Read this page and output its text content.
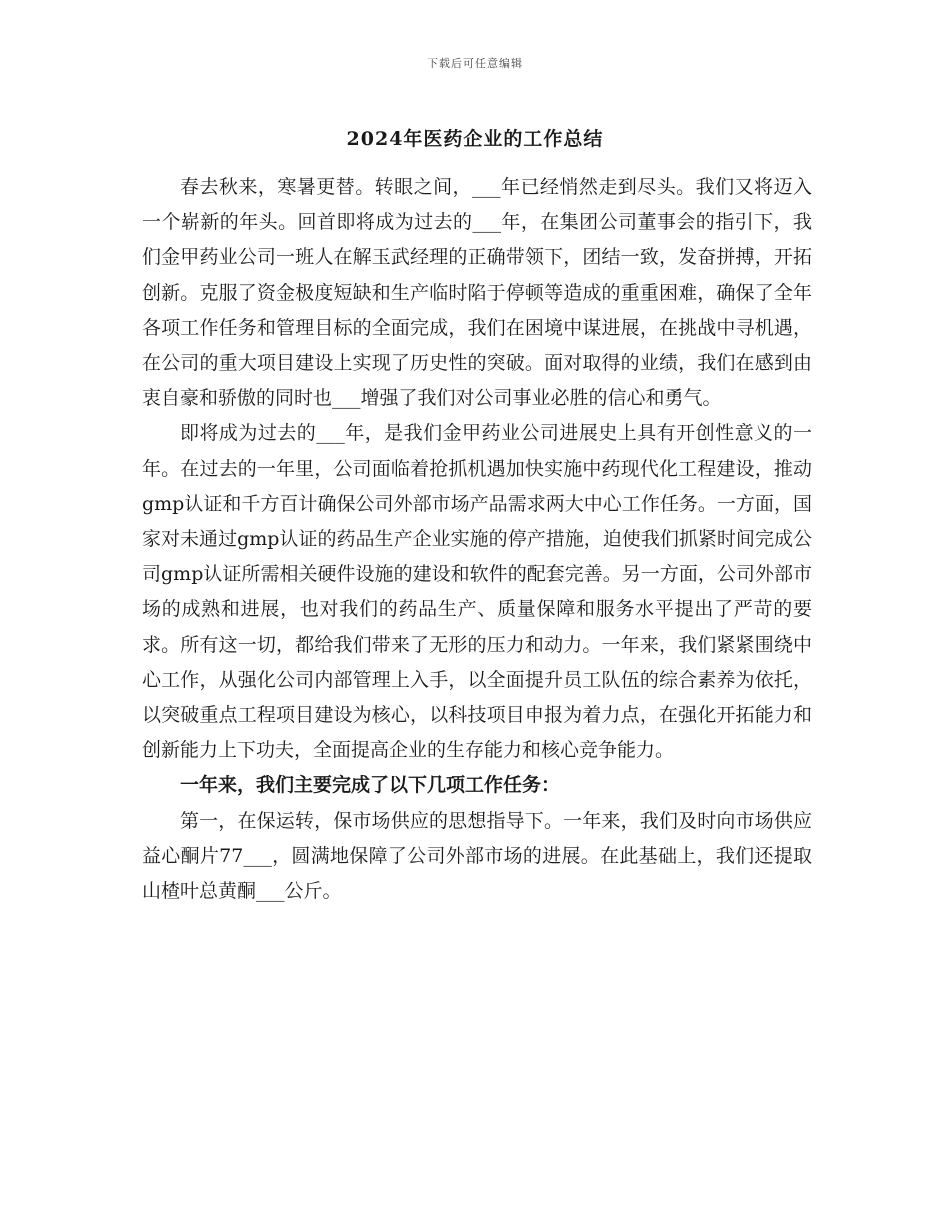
下载后可任意编辑
2024年医药企业的工作总结

春去秋来，寒暑更替。转眼之间，___年已经悄然走到尽头。我们又将迈入一个崭新的年头。回首即将成为过去的___年，在集团公司董事会的指引下，我们金甲药业公司一班人在解玉武经理的正确带领下，团结一致，发奋拼搏，开拓创新。克服了资金极度短缺和生产临时陷于停顿等造成的重重困难，确保了全年各项工作任务和管理目标的全面完成，我们在困境中谋进展，在挑战中寻机遇，在公司的重大项目建设上实现了历史性的突破。面对取得的业绩，我们在感到由衷自豪和骄傲的同时也___增强了我们对公司事业必胜的信心和勇气。

即将成为过去的___年，是我们金甲药业公司进展史上具有开创性意义的一年。在过去的一年里，公司面临着抢抓机遇加快实施中药现代化工程建设，推动gmp认证和千方百计确保公司外部市场产品需求两大中心工作任务。一方面，国家对未通过gmp认证的药品生产企业实施的停产措施，迫使我们抓紧时间完成公司gmp认证所需相关硬件设施的建设和软件的配套完善。另一方面，公司外部市场的成熟和进展，也对我们的药品生产、质量保障和服务水平提出了严苛的要求。所有这一切，都给我们带来了无形的压力和动力。一年来，我们紧紧围绕中心工作，从强化公司内部管理上入手，以全面提升员工队伍的综合素养为依托，以突破重点工程项目建设为核心，以科技项目申报为着力点，在强化开拓能力和创新能力上下功夫，全面提高企业的生存能力和核心竞争能力。

一年来，我们主要完成了以下几项工作任务：

第一，在保运转，保市场供应的思想指导下。一年来，我们及时向市场供应益心酮片77___，圆满地保障了公司外部市场的进展。在此基础上，我们还提取山楂叶总黄酮___公斤。
